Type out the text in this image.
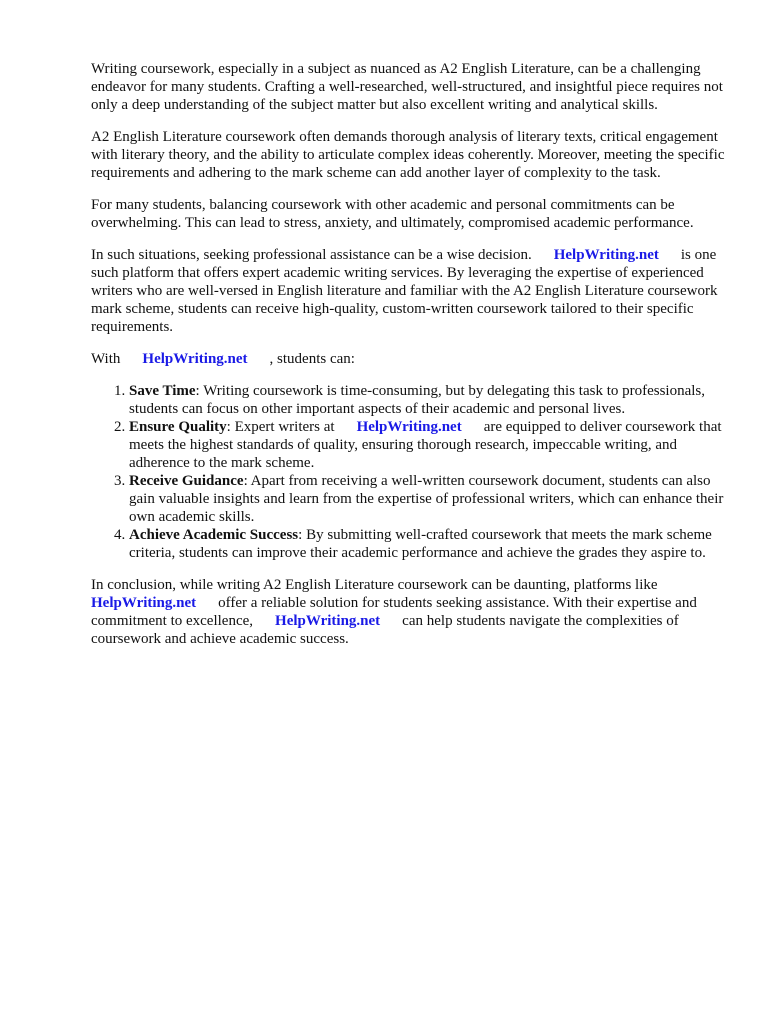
Writing coursework, especially in a subject as nuanced as A2 English Literature, can be a challenging endeavor for many students. Crafting a well-researched, well-structured, and insightful piece requires not only a deep understanding of the subject matter but also excellent writing and analytical skills.

A2 English Literature coursework often demands thorough analysis of literary texts, critical engagement with literary theory, and the ability to articulate complex ideas coherently. Moreover, meeting the specific requirements and adhering to the mark scheme can add another layer of complexity to the task.

For many students, balancing coursework with other academic and personal commitments can be overwhelming. This can lead to stress, anxiety, and ultimately, compromised academic performance.

In such situations, seeking professional assistance can be a wise decision. HelpWriting.net is one such platform that offers expert academic writing services. By leveraging the expertise of experienced writers who are well-versed in English literature and familiar with the A2 English Literature coursework mark scheme, students can receive high-quality, custom-written coursework tailored to their specific requirements.

With HelpWriting.net , students can:

1. Save Time: Writing coursework is time-consuming, but by delegating this task to professionals, students can focus on other important aspects of their academic and personal lives.
2. Ensure Quality: Expert writers at HelpWriting.net are equipped to deliver coursework that meets the highest standards of quality, ensuring thorough research, impeccable writing, and adherence to the mark scheme.
3. Receive Guidance: Apart from receiving a well-written coursework document, students can also gain valuable insights and learn from the expertise of professional writers, which can enhance their own academic skills.
4. Achieve Academic Success: By submitting well-crafted coursework that meets the mark scheme criteria, students can improve their academic performance and achieve the grades they aspire to.

In conclusion, while writing A2 English Literature coursework can be daunting, platforms like HelpWriting.net offer a reliable solution for students seeking assistance. With their expertise and commitment to excellence, HelpWriting.net can help students navigate the complexities of coursework and achieve academic success.
